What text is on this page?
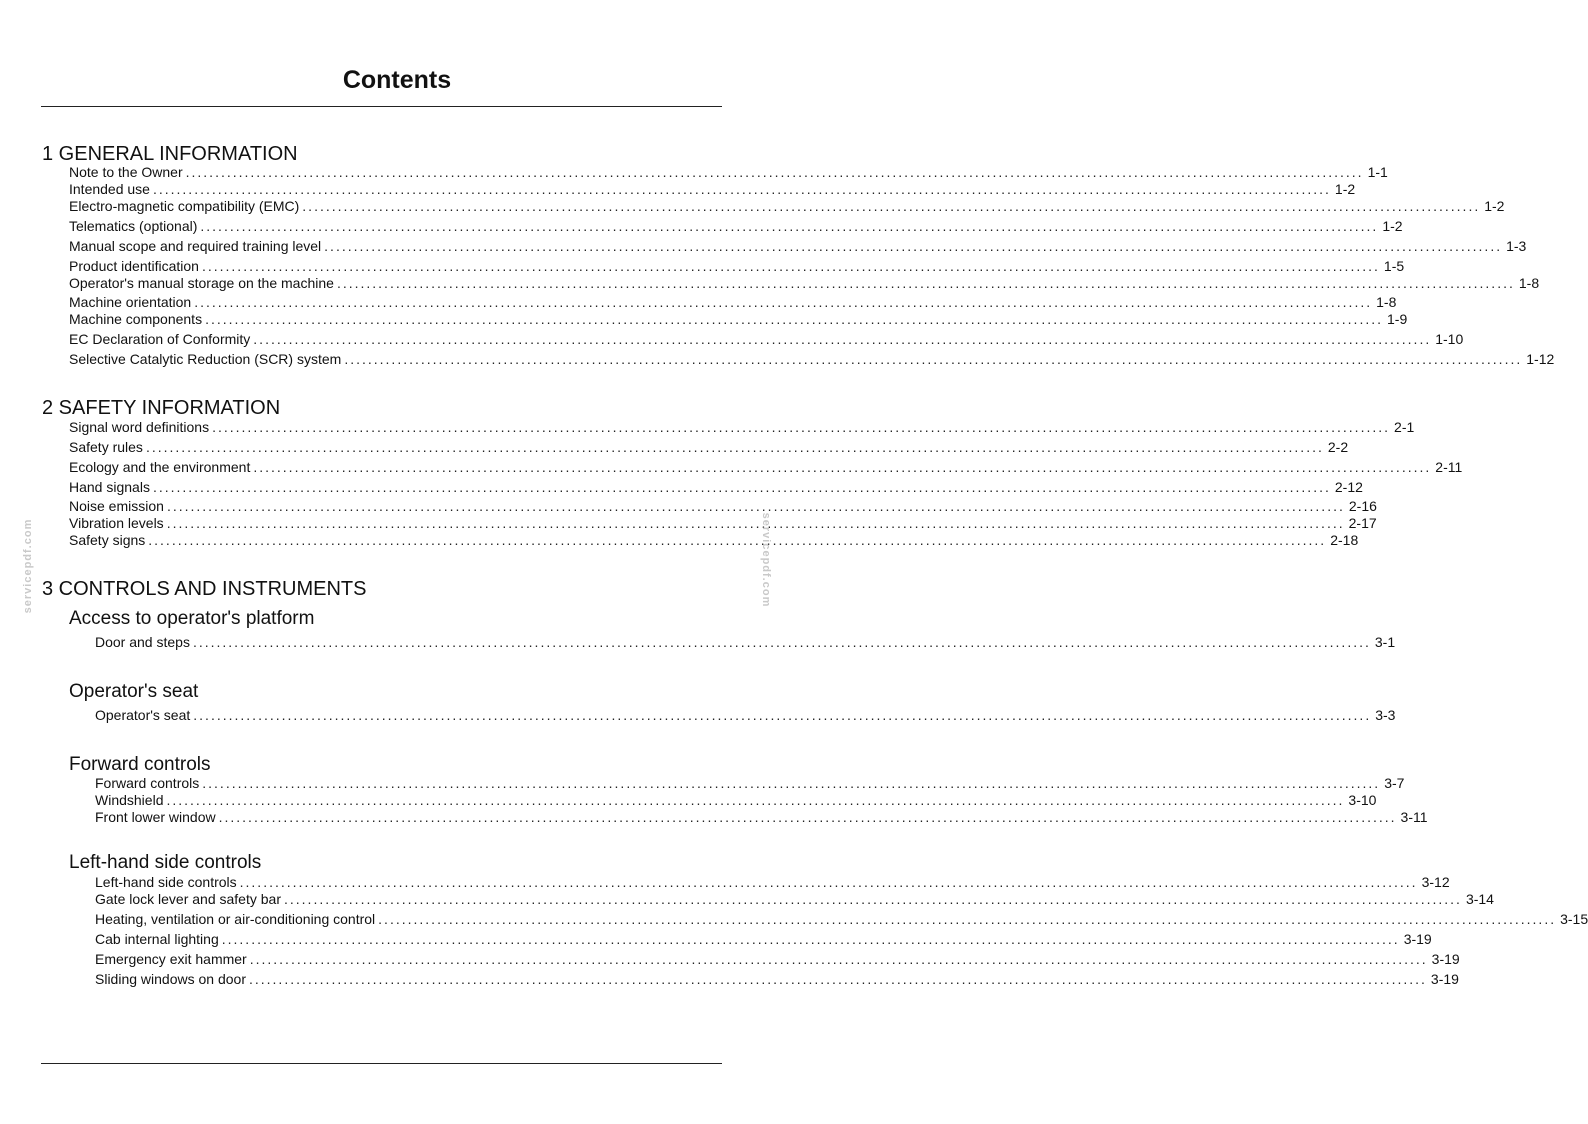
Contents
1 GENERAL INFORMATION
Note to the Owner ........................................................................................................................................................................................................ 1-1
Intended use ........................................................................................................................................................................................................ 1-2
Electro-magnetic compatibility (EMC) ........................................................................................................................................................................................................ 1-2
Telematics (optional) ........................................................................................................................................................................................................ 1-2
Manual scope and required training level ........................................................................................................................................................................................................ 1-3
Product identification ........................................................................................................................................................................................................ 1-5
Operator's manual storage on the machine ........................................................................................................................................................................................................ 1-8
Machine orientation ........................................................................................................................................................................................................ 1-8
Machine components ........................................................................................................................................................................................................ 1-9
EC Declaration of Conformity ........................................................................................................................................................................................................ 1-10
Selective Catalytic Reduction (SCR) system ........................................................................................................................................................................................................ 1-12
2 SAFETY INFORMATION
Signal word definitions ........................................................................................................................................................................................................ 2-1
Safety rules ........................................................................................................................................................................................................ 2-2
Ecology and the environment ........................................................................................................................................................................................................ 2-11
Hand signals ........................................................................................................................................................................................................ 2-12
Noise emission ........................................................................................................................................................................................................ 2-16
Vibration levels ........................................................................................................................................................................................................ 2-17
Safety signs ........................................................................................................................................................................................................ 2-18
3 CONTROLS AND INSTRUMENTS
Access to operator's platform
Door and steps ........................................................................................................................................................................................................ 3-1
Operator's seat
Operator's seat ........................................................................................................................................................................................................ 3-3
Forward controls
Forward controls ........................................................................................................................................................................................................ 3-7
Windshield ........................................................................................................................................................................................................ 3-10
Front lower window ........................................................................................................................................................................................................ 3-11
Left-hand side controls
Left-hand side controls ........................................................................................................................................................................................................ 3-12
Gate lock lever and safety bar ........................................................................................................................................................................................................ 3-14
Heating, ventilation or air-conditioning control ........................................................................................................................................................................................................ 3-15
Cab internal lighting ........................................................................................................................................................................................................ 3-19
Emergency exit hammer ........................................................................................................................................................................................................ 3-19
Sliding windows on door ........................................................................................................................................................................................................ 3-19
servicepdf.com	servicepdf.com
